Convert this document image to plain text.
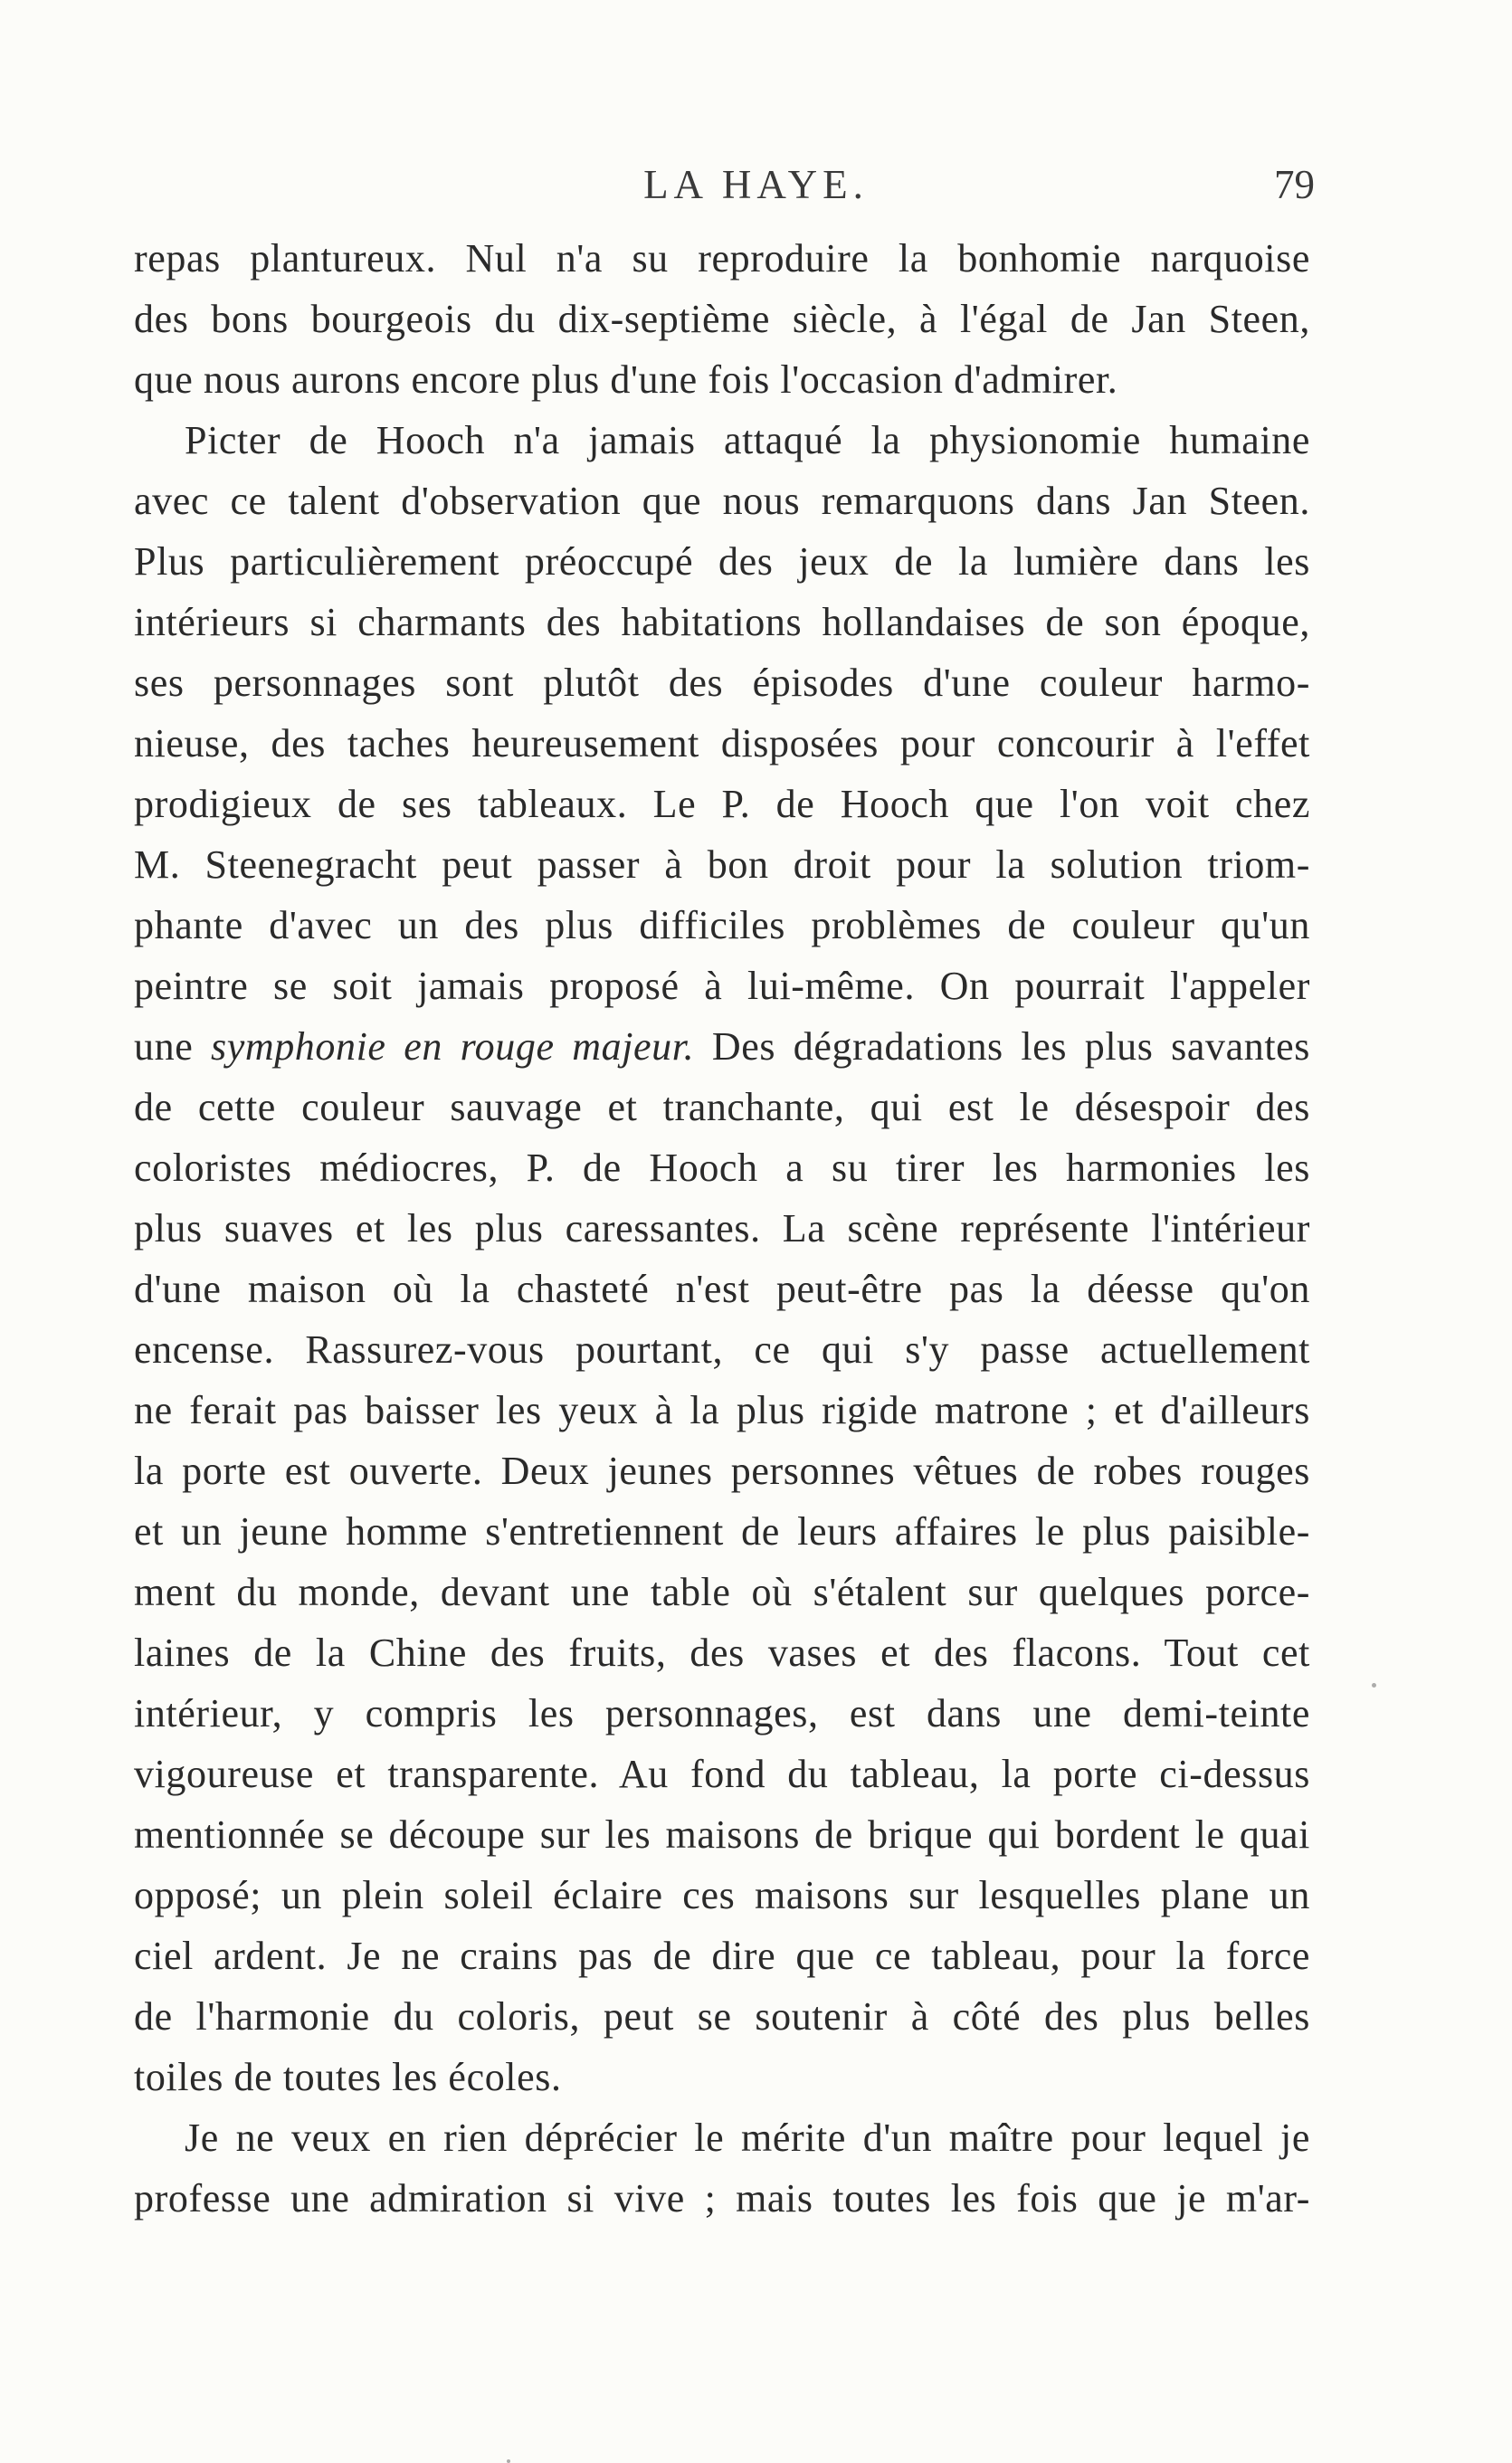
LA HAYE.	79
repas plantureux. Nul n'a su reproduire la bonhomie narquoise
des bons bourgeois du dix-septième siècle, à l'égal de Jan Steen,
que nous aurons encore plus d'une fois l'occasion d'admirer.
Picter de Hooch n'a jamais attaqué la physionomie humaine
avec ce talent d'observation que nous remarquons dans Jan Steen.
Plus particulièrement préoccupé des jeux de la lumière dans les
intérieurs si charmants des habitations hollandaises de son époque,
ses personnages sont plutôt des épisodes d'une couleur harmo-
nieuse, des taches heureusement disposées pour concourir à l'effet
prodigieux de ses tableaux. Le P. de Hooch que l'on voit chez
M. Steenegracht peut passer à bon droit pour la solution triom-
phante d'avec un des plus difficiles problèmes de couleur qu'un
peintre se soit jamais proposé à lui-même. On pourrait l'appeler
une symphonie en rouge majeur. Des dégradations les plus savantes
de cette couleur sauvage et tranchante, qui est le désespoir des
coloristes médiocres, P. de Hooch a su tirer les harmonies les
plus suaves et les plus caressantes. La scène représente l'intérieur
d'une maison où la chasteté n'est peut-être pas la déesse qu'on
encense. Rassurez-vous pourtant, ce qui s'y passe actuellement
ne ferait pas baisser les yeux à la plus rigide matrone ; et d'ailleurs
la porte est ouverte. Deux jeunes personnes vêtues de robes rouges
et un jeune homme s'entretiennent de leurs affaires le plus paisible-
ment du monde, devant une table où s'étalent sur quelques porce-
laines de la Chine des fruits, des vases et des flacons. Tout cet
intérieur, y compris les personnages, est dans une demi-teinte
vigoureuse et transparente. Au fond du tableau, la porte ci-dessus
mentionnée se découpe sur les maisons de brique qui bordent le quai
opposé; un plein soleil éclaire ces maisons sur lesquelles plane un
ciel ardent. Je ne crains pas de dire que ce tableau, pour la force
de l'harmonie du coloris, peut se soutenir à côté des plus belles
toiles de toutes les écoles.
Je ne veux en rien déprécier le mérite d'un maître pour lequel je
professe une admiration si vive ; mais toutes les fois que je m'ar-
